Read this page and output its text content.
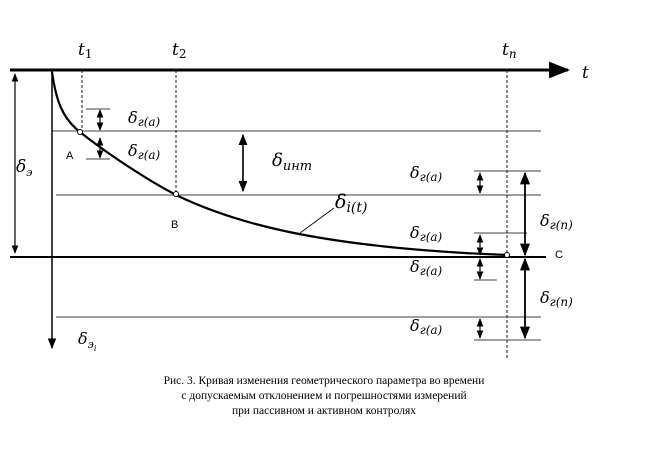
t
t1	t2	tn
$\delta_э$
$\delta_эi$
δг(а)
δг(а)	$\delta_{инт}$
$\delta_{i(t)}$
δг(а)
δг(а)
δг(а)
δг(а)
δг(n)
δг(n)
A
B
C
Рис. 3. Кривая изменения геометрического параметра во времени
с допускаемым отклонением и погрешностями измерений
при пассивном и активном контролях
